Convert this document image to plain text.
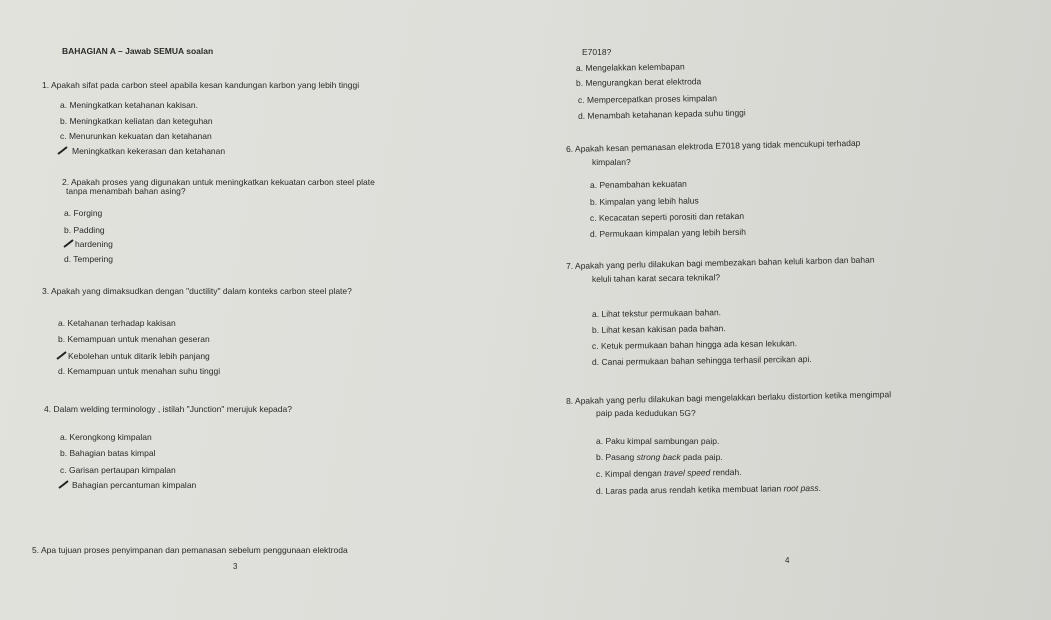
BAHAGIAN A – Jawab SEMUA soalan
1. Apakah sifat pada carbon steel apabila kesan kandungan karbon yang lebih tinggi
a. Meningkatkan ketahanan kakisan.
b. Meningkatkan keliatan dan keteguhan
c. Menurunkan kekuatan dan ketahanan
Meningkatkan kekerasan dan ketahanan
2. Apakah proses yang digunakan untuk meningkatkan kekuatan carbon steel plate
tanpa menambah bahan asing?
a. Forging
b. Padding
hardening
d. Tempering
3. Apakah yang dimaksudkan dengan "ductility" dalam konteks carbon steel plate?
a. Ketahanan terhadap kakisan
b. Kemampuan untuk menahan geseran
Kebolehan untuk ditarik lebih panjang
d. Kemampuan untuk menahan suhu tinggi
4. Dalam welding terminology , istilah "Junction" merujuk kepada?
a. Kerongkong kimpalan
b. Bahagian batas kimpal
c. Garisan pertaupan kimpalan
Bahagian percantuman kimpalan
5. Apa tujuan proses penyimpanan dan pemanasan sebelum penggunaan elektroda
3
E7018?
a. Mengelakkan kelembapan
b. Mengurangkan berat elektroda
c. Mempercepatkan proses kimpalan
d. Menambah ketahanan kepada suhu tinggi
6. Apakah kesan pemanasan elektroda E7018 yang tidak mencukupi terhadap
kimpalan?
a. Penambahan kekuatan
b. Kimpalan yang lebih halus
c. Kecacatan seperti porositi dan retakan
d. Permukaan kimpalan yang lebih bersih
7. Apakah yang perlu dilakukan bagi membezakan bahan keluli karbon dan bahan
keluli tahan karat secara teknikal?
a. Lihat tekstur permukaan bahan.
b. Lihat kesan kakisan pada bahan.
c. Ketuk permukaan bahan hingga ada kesan lekukan.
d. Canai permukaan bahan sehingga terhasil percikan api.
8. Apakah yang perlu dilakukan bagi mengelakkan berlaku distortion ketika mengimpal
paip pada kedudukan 5G?
a. Paku kimpal sambungan paip.
b. Pasang strong back pada paip.
c. Kimpal dengan travel speed rendah.
d. Laras pada arus rendah ketika membuat larian root pass.
4
